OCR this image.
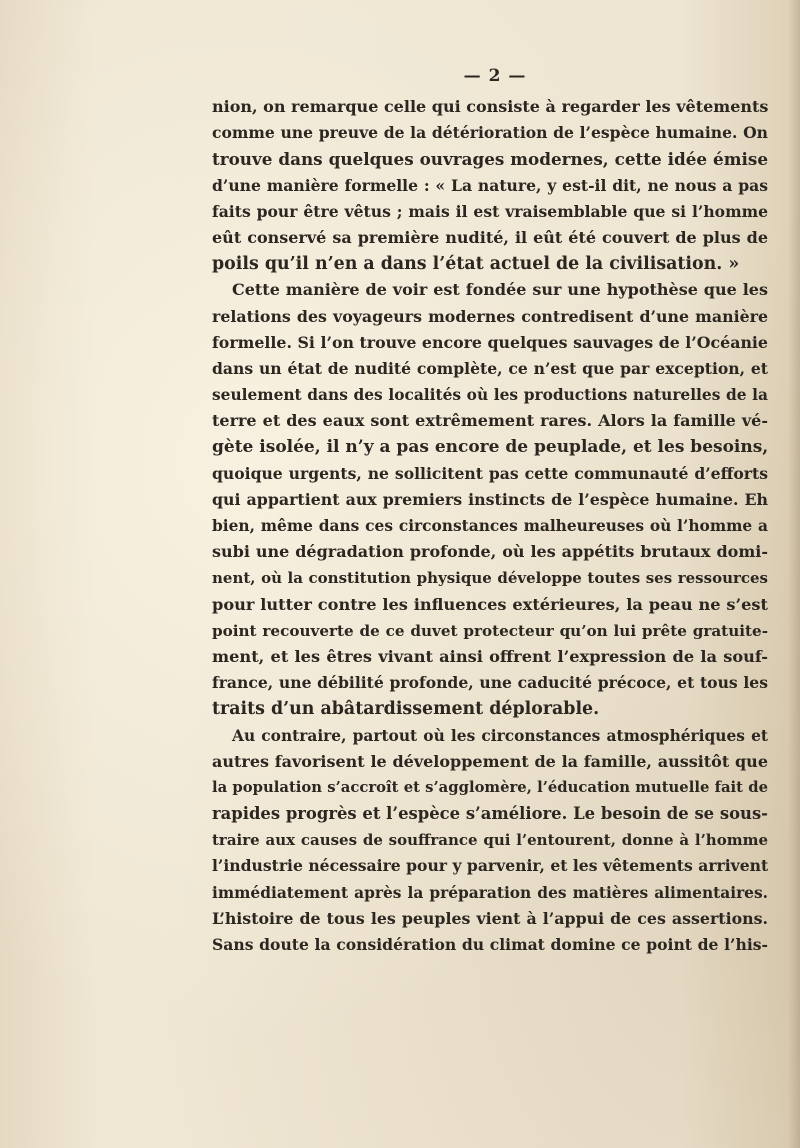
— 2 —
nion, on remarque celle qui consiste à regarder les vêtements
comme une preuve de la détérioration de l’espèce humaine. On
trouve dans quelques ouvrages modernes, cette idée émise
d’une manière formelle : « La nature, y est-il dit, ne nous a pas
faits pour être vêtus ; mais il est vraisemblable que si l’homme
eût conservé sa première nudité, il eût été couvert de plus de
poils qu’il n’en a dans l’état actuel de la civilisation. »
Cette manière de voir est fondée sur une hypothèse que les
relations des voyageurs modernes contredisent d’une manière
formelle. Si l’on trouve encore quelques sauvages de l’Océanie
dans un état de nudité complète, ce n’est que par exception, et
seulement dans des localités où les productions naturelles de la
terre et des eaux sont extrêmement rares. Alors la famille vé-
gète isolée, il n’y a pas encore de peuplade, et les besoins,
quoique urgents, ne sollicitent pas cette communauté d’efforts
qui appartient aux premiers instincts de l’espèce humaine. Eh
bien, même dans ces circonstances malheureuses où l’homme a
subi une dégradation profonde, où les appétits brutaux domi-
nent, où la constitution physique développe toutes ses ressources
pour lutter contre les influences extérieures, la peau ne s’est
point recouverte de ce duvet protecteur qu’on lui prête gratuite-
ment, et les êtres vivant ainsi offrent l’expression de la souf-
france, une débilité profonde, une caducité précoce, et tous les
traits d’un abâtardissement déplorable.
Au contraire, partout où les circonstances atmosphériques et
autres favorisent le développement de la famille, aussitôt que
la population s’accroît et s’agglomère, l’éducation mutuelle fait de
rapides progrès et l’espèce s’améliore. Le besoin de se sous-
traire aux causes de souffrance qui l’entourent, donne à l’homme
l’industrie nécessaire pour y parvenir, et les vêtements arrivent
immédiatement après la préparation des matières alimentaires.
L’histoire de tous les peuples vient à l’appui de ces assertions.
Sans doute la considération du climat domine ce point de l’his-
